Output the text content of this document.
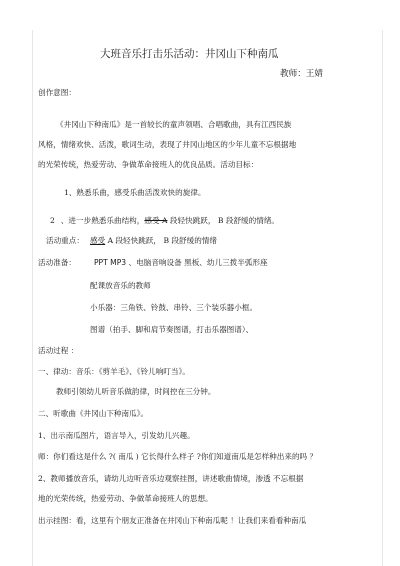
大班音乐打击乐活动：井冈山下种南瓜
教师：王婧
创作意图：
《井冈山下种南瓜》是一首较长的童声领唱、合唱歌曲，具有江西民族
风格，情绪欢快、活泼，歌词生动，表现了井冈山地区的少年儿童不忘根据地
的光荣传统，热爱劳动、争做革命接班人的优良品质。活动目标：
1、熟悉乐曲，感受乐曲活泼欢快的旋律。
2 、进一步熟悉乐曲结构，感受 A 段轻快跳跃， B 段舒缓的情绪。
活动重点： 感受 A 段轻快跳跃， B 段舒缓的情绪
活动准备： PPT MP3 、电脑音响设备 黑板、幼儿三拨半弧形座
配课放音乐的教师
小乐器：三角铁、铃鼓、串铃、三个装乐器小框。
图谱（拍手、脚和肩节奏图谱，打击乐器图谱）、
活动过程 ：
一、律动：音乐：《剪羊毛》、《铃儿响叮当》。
教师引领幼儿听音乐做韵律，时间控在三分钟。
二、听歌曲《井冈山下种南瓜》。
1、出示南瓜图片，语言导入，引发幼儿兴趣。
师：你们看这是什么 ?( 南瓜 ) 它长得什么样子 ?你们知道南瓜是怎样种出来的吗 ？
2、教师播放音乐，请幼儿边听音乐边观察挂图，讲述歌曲情境，渗透 不忘根据
地的光荣传统，热爱劳动、争做革命接班人的思想。
出示挂图：看，这里有个朋友正准备在井冈山下种南瓜呢 ！让我们来看看种南瓜
